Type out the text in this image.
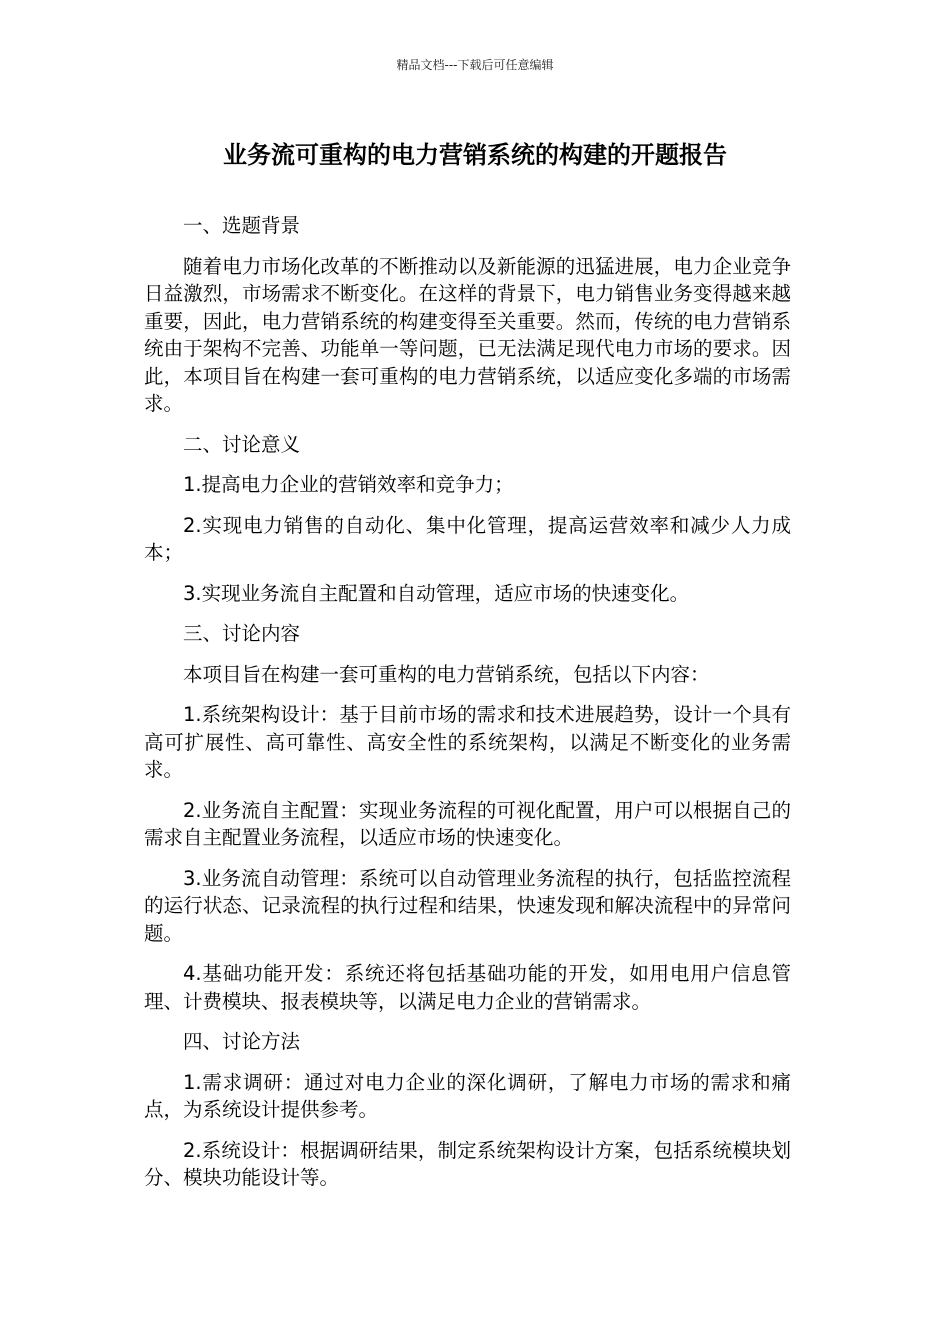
精品文档---下载后可任意编辑
业务流可重构的电力营销系统的构建的开题报告

一、选题背景

随着电力市场化改革的不断推动以及新能源的迅猛进展，电力企业竞争日益激烈，市场需求不断变化。在这样的背景下，电力销售业务变得越来越重要，因此，电力营销系统的构建变得至关重要。然而，传统的电力营销系统由于架构不完善、功能单一等问题，已无法满足现代电力市场的要求。因此，本项目旨在构建一套可重构的电力营销系统，以适应变化多端的市场需求。

二、讨论意义

1.提高电力企业的营销效率和竞争力；

2.实现电力销售的自动化、集中化管理，提高运营效率和减少人力成本；

3.实现业务流自主配置和自动管理，适应市场的快速变化。

三、讨论内容

本项目旨在构建一套可重构的电力营销系统，包括以下内容：

1.系统架构设计：基于目前市场的需求和技术进展趋势，设计一个具有高可扩展性、高可靠性、高安全性的系统架构，以满足不断变化的业务需求。

2.业务流自主配置：实现业务流程的可视化配置，用户可以根据自己的需求自主配置业务流程，以适应市场的快速变化。

3.业务流自动管理：系统可以自动管理业务流程的执行，包括监控流程的运行状态、记录流程的执行过程和结果，快速发现和解决流程中的异常问题。

4.基础功能开发：系统还将包括基础功能的开发，如用电用户信息管理、计费模块、报表模块等，以满足电力企业的营销需求。

四、讨论方法

1.需求调研：通过对电力企业的深化调研，了解电力市场的需求和痛点，为系统设计提供参考。

2.系统设计：根据调研结果，制定系统架构设计方案，包括系统模块划分、模块功能设计等。
